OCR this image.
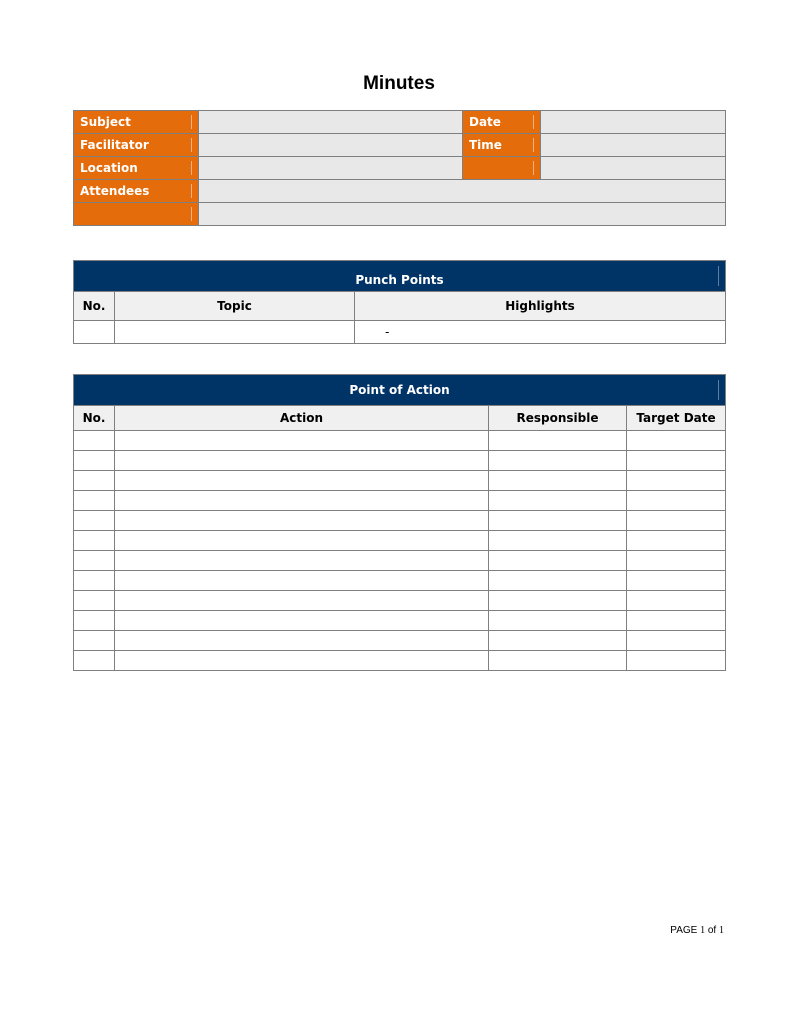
Minutes
Subject		Date	
Facilitator		Time	
Location			
Attendees			

Punch Points		
No.	Topic	Highlights
		-
Point of Action			
No.	Action	Responsible	Target Date

PAGE 1 of 1
